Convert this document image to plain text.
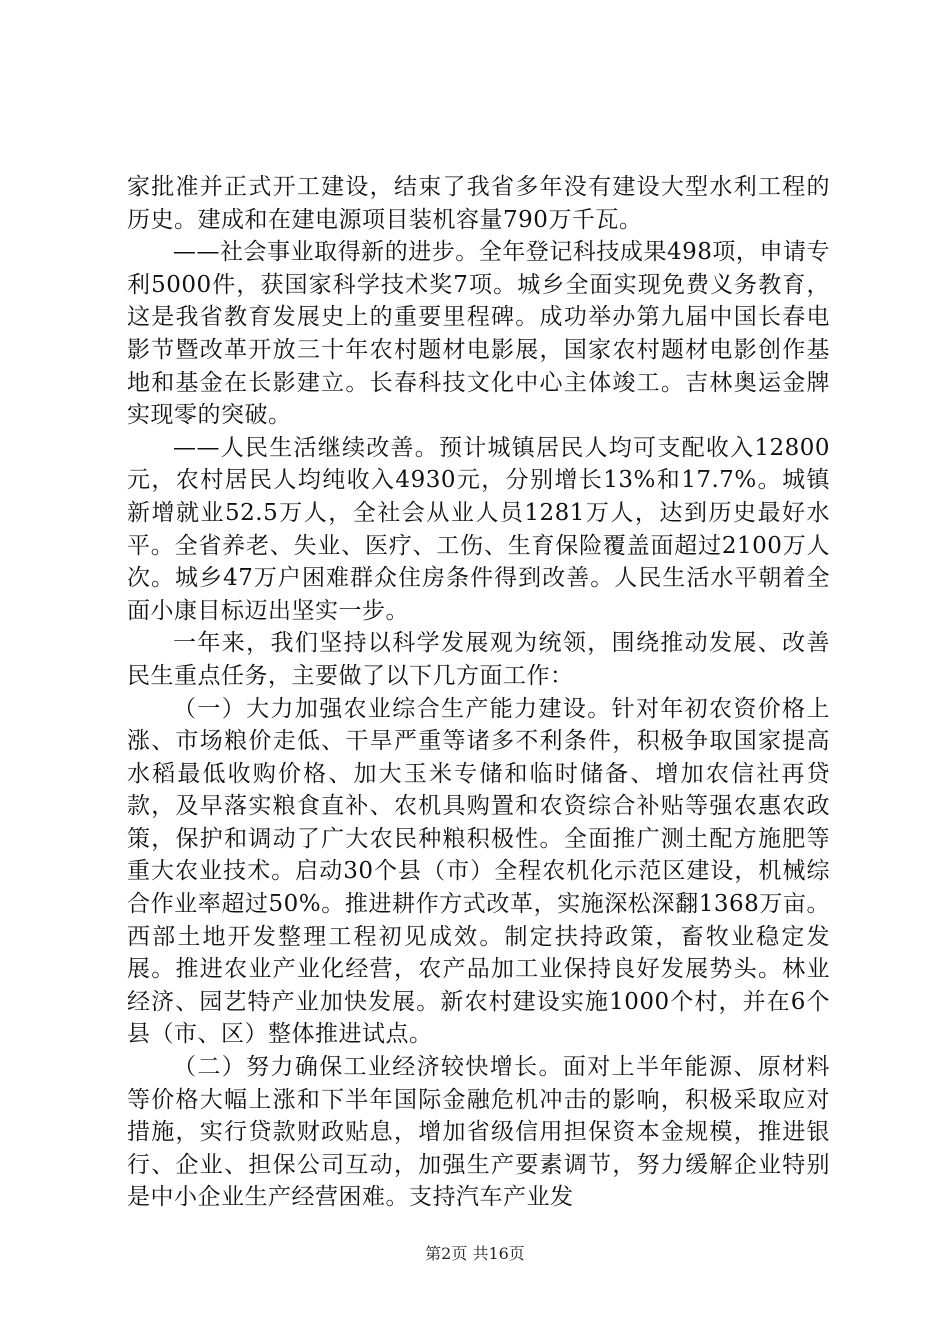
家批准并正式开工建设，结束了我省多年没有建设大型水利工程的历史。建成和在建电源项目装机容量790万千瓦。

——社会事业取得新的进步。全年登记科技成果498项，申请专利5000件，获国家科学技术奖7项。城乡全面实现免费义务教育，这是我省教育发展史上的重要里程碑。成功举办第九届中国长春电影节暨改革开放三十年农村题材电影展，国家农村题材电影创作基地和基金在长影建立。长春科技文化中心主体竣工。吉林奥运金牌实现零的突破。

——人民生活继续改善。预计城镇居民人均可支配收入12800元，农村居民人均纯收入4930元，分别增长13%和17.7%。城镇新增就业52.5万人，全社会从业人员1281万人，达到历史最好水平。全省养老、失业、医疗、工伤、生育保险覆盖面超过2100万人次。城乡47万户困难群众住房条件得到改善。人民生活水平朝着全面小康目标迈出坚实一步。

一年来，我们坚持以科学发展观为统领，围绕推动发展、改善民生重点任务，主要做了以下几方面工作：

（一）大力加强农业综合生产能力建设。针对年初农资价格上涨、市场粮价走低、干旱严重等诸多不利条件，积极争取国家提高水稻最低收购价格、加大玉米专储和临时储备、增加农信社再贷款，及早落实粮食直补、农机具购置和农资综合补贴等强农惠农政策，保护和调动了广大农民种粮积极性。全面推广测土配方施肥等重大农业技术。启动30个县（市）全程农机化示范区建设，机械综合作业率超过50%。推进耕作方式改革，实施深松深翻1368万亩。西部土地开发整理工程初见成效。制定扶持政策，畜牧业稳定发展。推进农业产业化经营，农产品加工业保持良好发展势头。林业经济、园艺特产业加快发展。新农村建设实施1000个村，并在6个县（市、区）整体推进试点。

（二）努力确保工业经济较快增长。面对上半年能源、原材料等价格大幅上涨和下半年国际金融危机冲击的影响，积极采取应对措施，实行贷款财政贴息，增加省级信用担保资本金规模，推进银行、企业、担保公司互动，加强生产要素调节，努力缓解企业特别是中小企业生产经营困难。支持汽车产业发

第2页 共16页
